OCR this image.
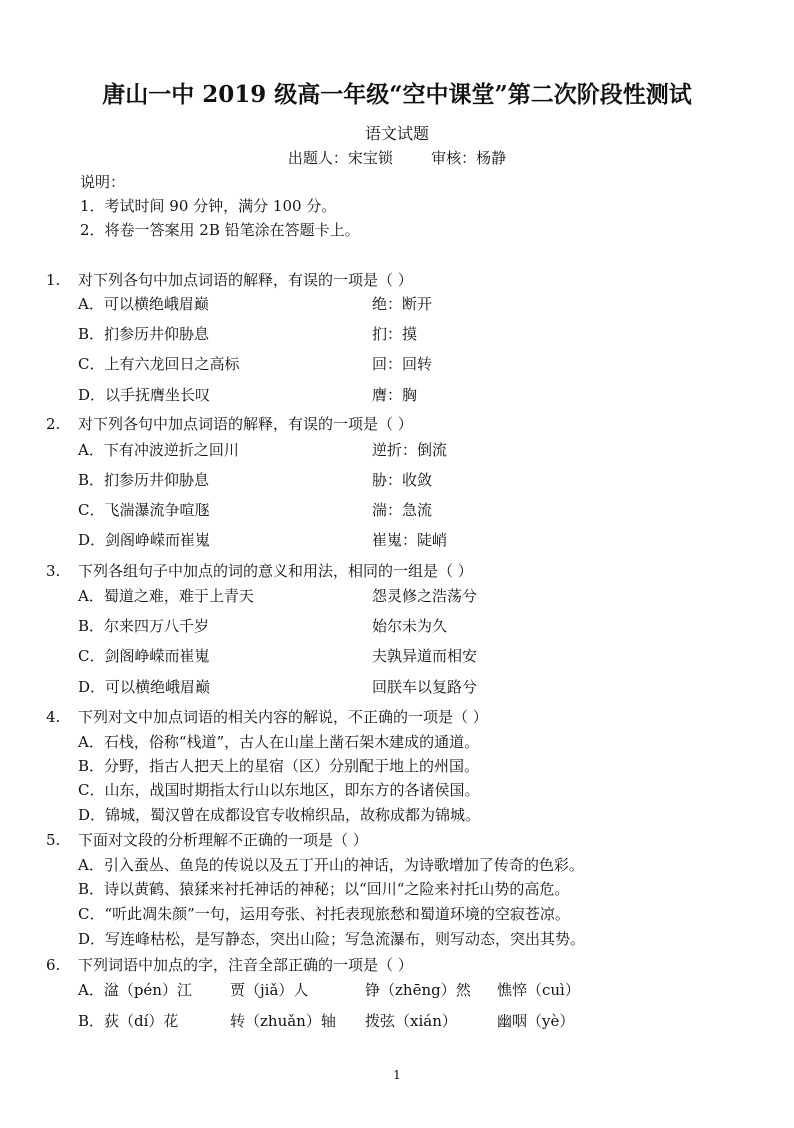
唐山一中 2019 级高一年级“空中课堂”第二次阶段性测试
语文试题
出题人：宋宝锁        审核：杨静
说明：
1．考试时间 90 分钟，满分 100 分。
2．将卷一答案用 2B 铅笔涂在答题卡上。
1. 对下列各句中加点词语的解释，有误的一项是（ ）
A．可以横绝峨眉巅	绝：断开
B．扪参历井仰胁息	扪：摸
C．上有六龙回日之高标	回：回转
D．以手抚膺坐长叹	膺：胸
2. 对下列各句中加点词语的解释，有误的一项是（ ）
A．下有冲波逆折之回川	逆折：倒流
B．扪参历井仰胁息	胁：收敛
C．飞湍瀑流争喧豗	湍：急流
D．剑阁峥嵘而崔嵬	崔嵬：陡峭
3. 下列各组句子中加点的词的意义和用法，相同的一组是（ ）
A．蜀道之难，难于上青天	怨灵修之浩荡兮
B．尔来四万八千岁	始尔未为久
C．剑阁峥嵘而崔嵬	夫孰异道而相安
D．可以横绝峨眉巅	回朕车以复路兮
4. 下列对文中加点词语的相关内容的解说，不正确的一项是（ ）
A．石栈，俗称“栈道”，古人在山崖上凿石架木建成的通道。
B．分野，指古人把天上的星宿（区）分别配于地上的州国。
C．山东，战国时期指太行山以东地区，即东方的各诸侯国。
D．锦城，蜀汉曾在成都设官专收棉织品，故称成都为锦城。
5. 下面对文段的分析理解不正确的一项是（ ）
A．引入蚕丛、鱼凫的传说以及五丁开山的神话，为诗歌增加了传奇的色彩。
B．诗以黄鹤、猿猱来衬托神话的神秘；以“回川“之险来衬托山势的高危。
C．“听此凋朱颜”一句，运用夸张、衬托表现旅愁和蜀道环境的空寂苍凉。
D．写连峰枯松，是写静态，突出山险；写急流瀑布，则写动态，突出其势。
6. 下列词语中加点的字，注音全部正确的一项是（ ）
A．湓（pén）江	贾（jiǎ）人	铮（zhēng）然 憔悴（cuì）
B．荻（dí）花	转（zhuǎn）轴 拨弦（xián）	幽咽（yè）
1
